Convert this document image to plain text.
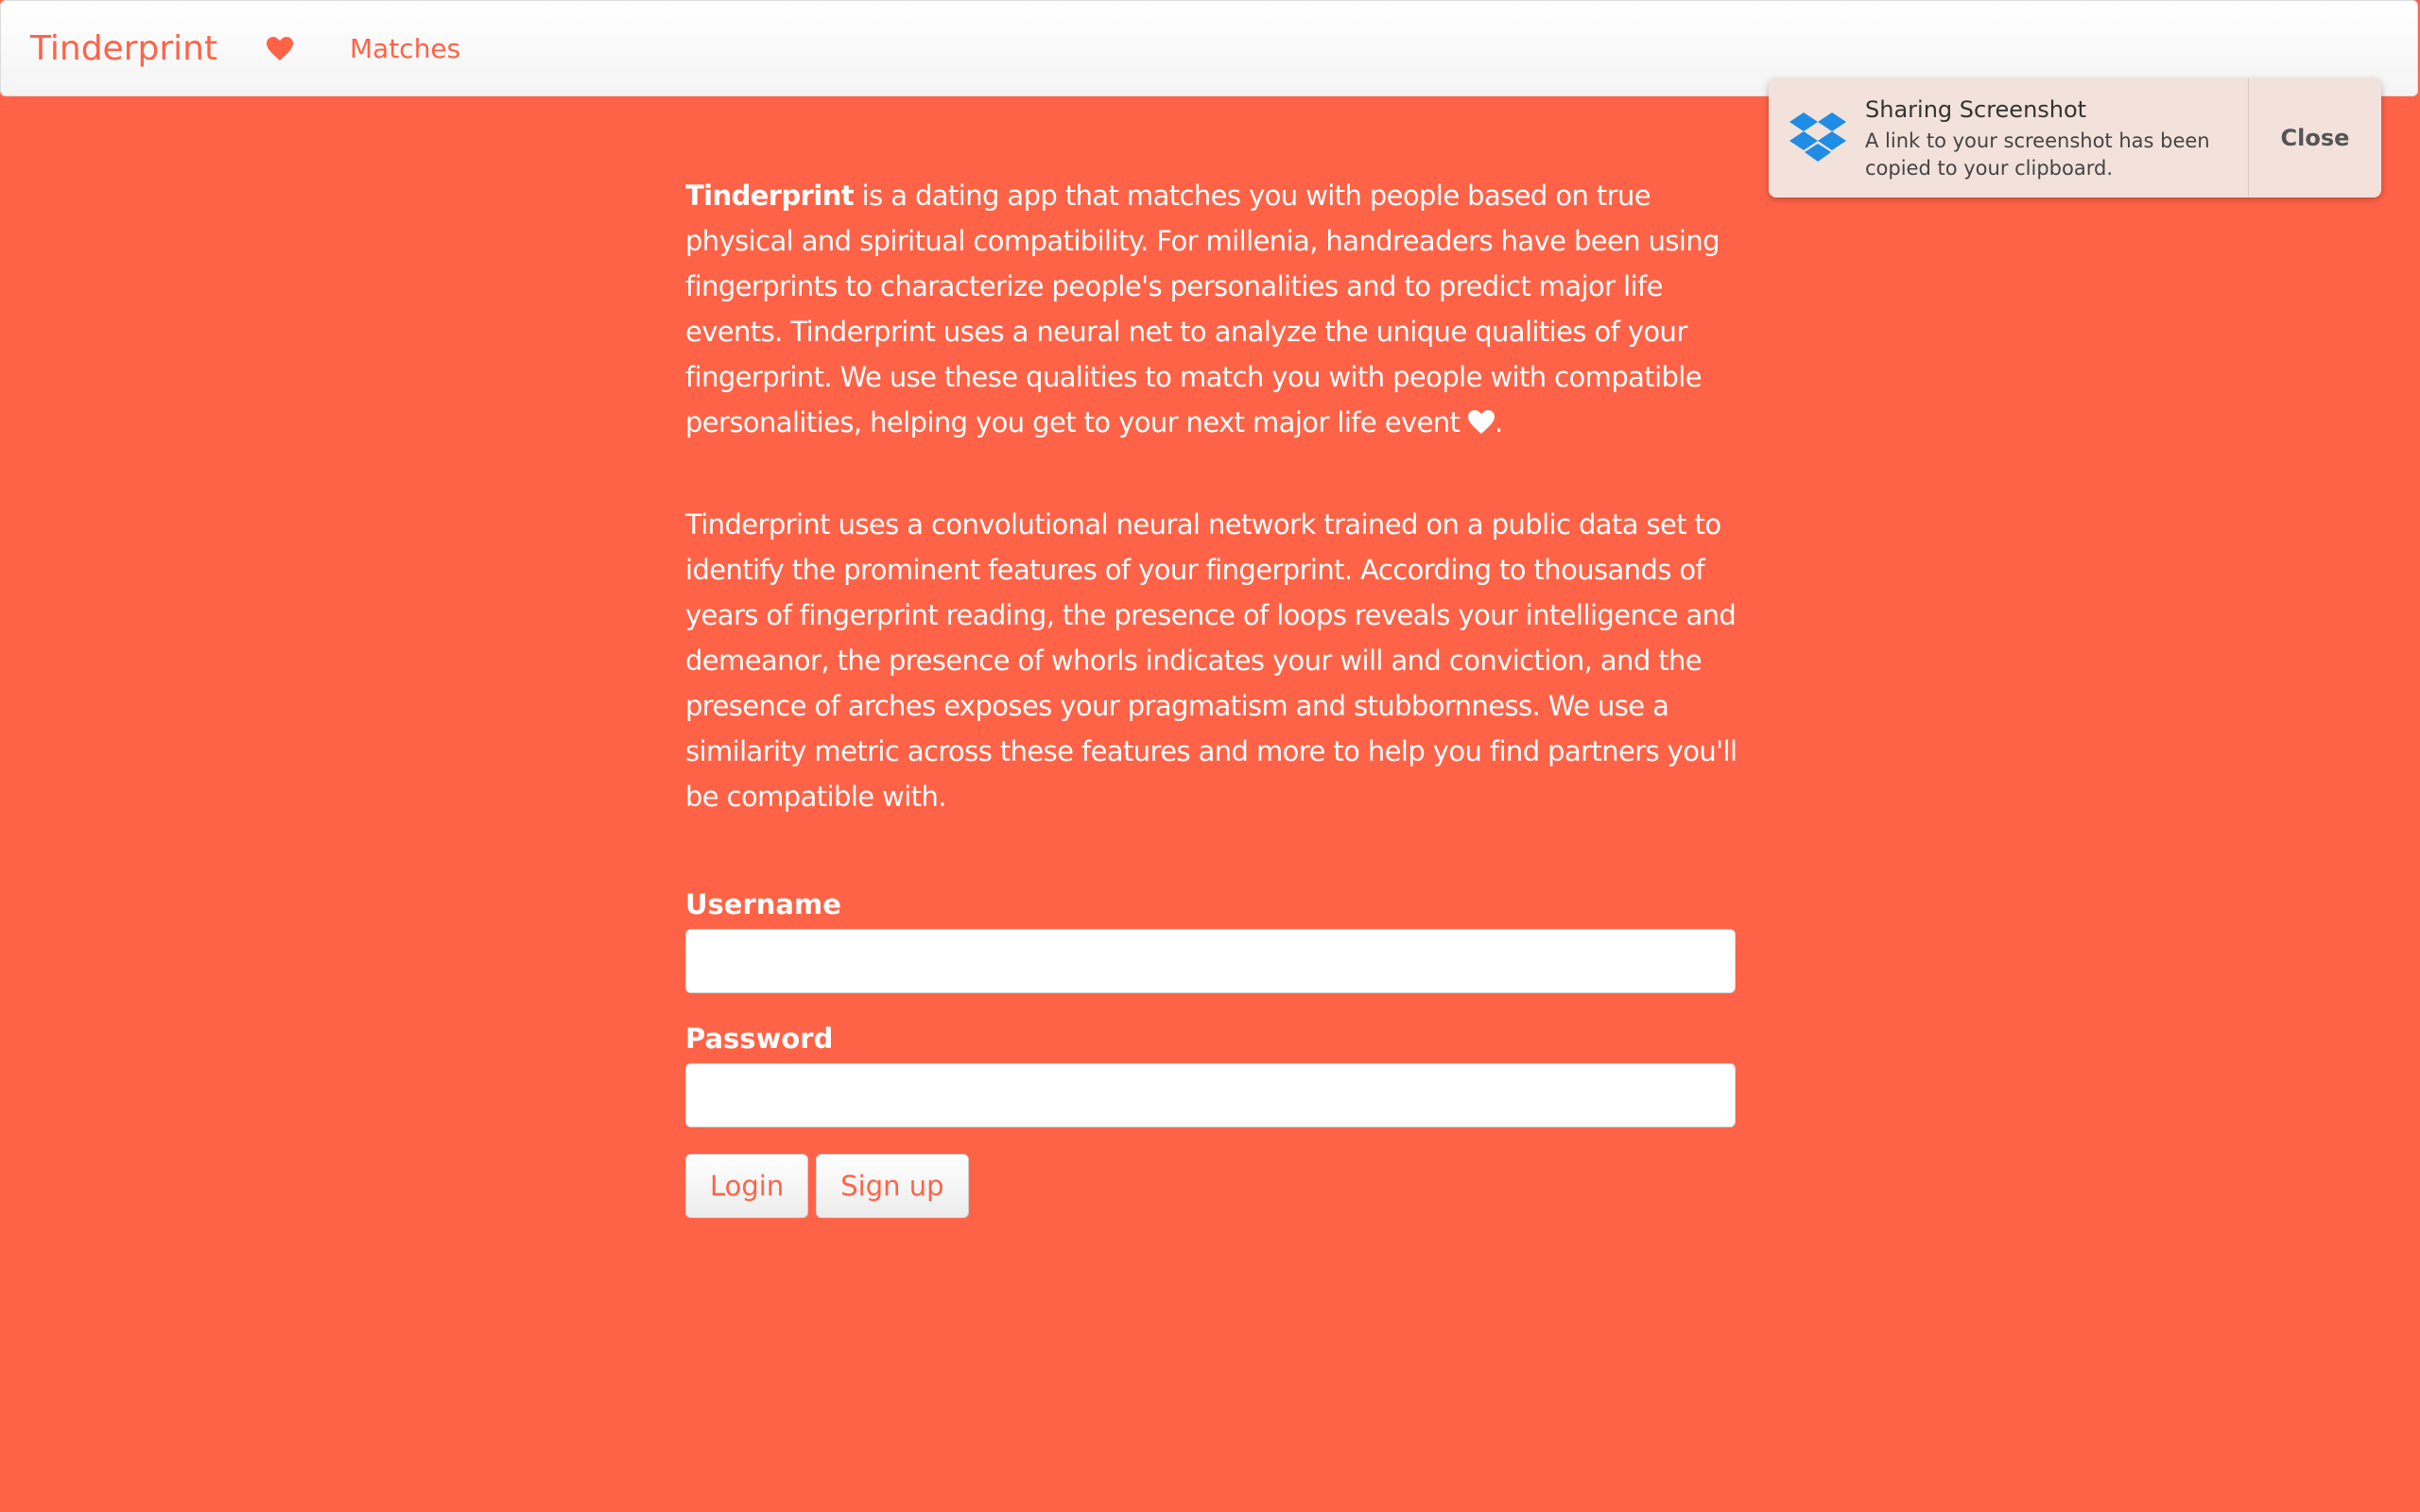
Tinderprint	Matches

Tinderprint is a dating app that matches you with people based on true physical and spiritual compatibility. For millenia, handreaders have been using fingerprints to characterize people's personalities and to predict major life events. Tinderprint uses a neural net to analyze the unique qualities of your fingerprint. We use these qualities to match you with people with compatible personalities, helping you get to your next major life event .

Tinderprint uses a convolutional neural network trained on a public data set to identify the prominent features of your fingerprint. According to thousands of years of fingerprint reading, the presence of loops reveals your intelligence and demeanor, the presence of whorls indicates your will and conviction, and the presence of arches exposes your pragmatism and stubbornness. We use a similarity metric across these features and more to help you find partners you'll be compatible with.

Username
Password
Login	Sign up
Sharing Screenshot
A link to your screenshot has been copied to your clipboard.
Close
